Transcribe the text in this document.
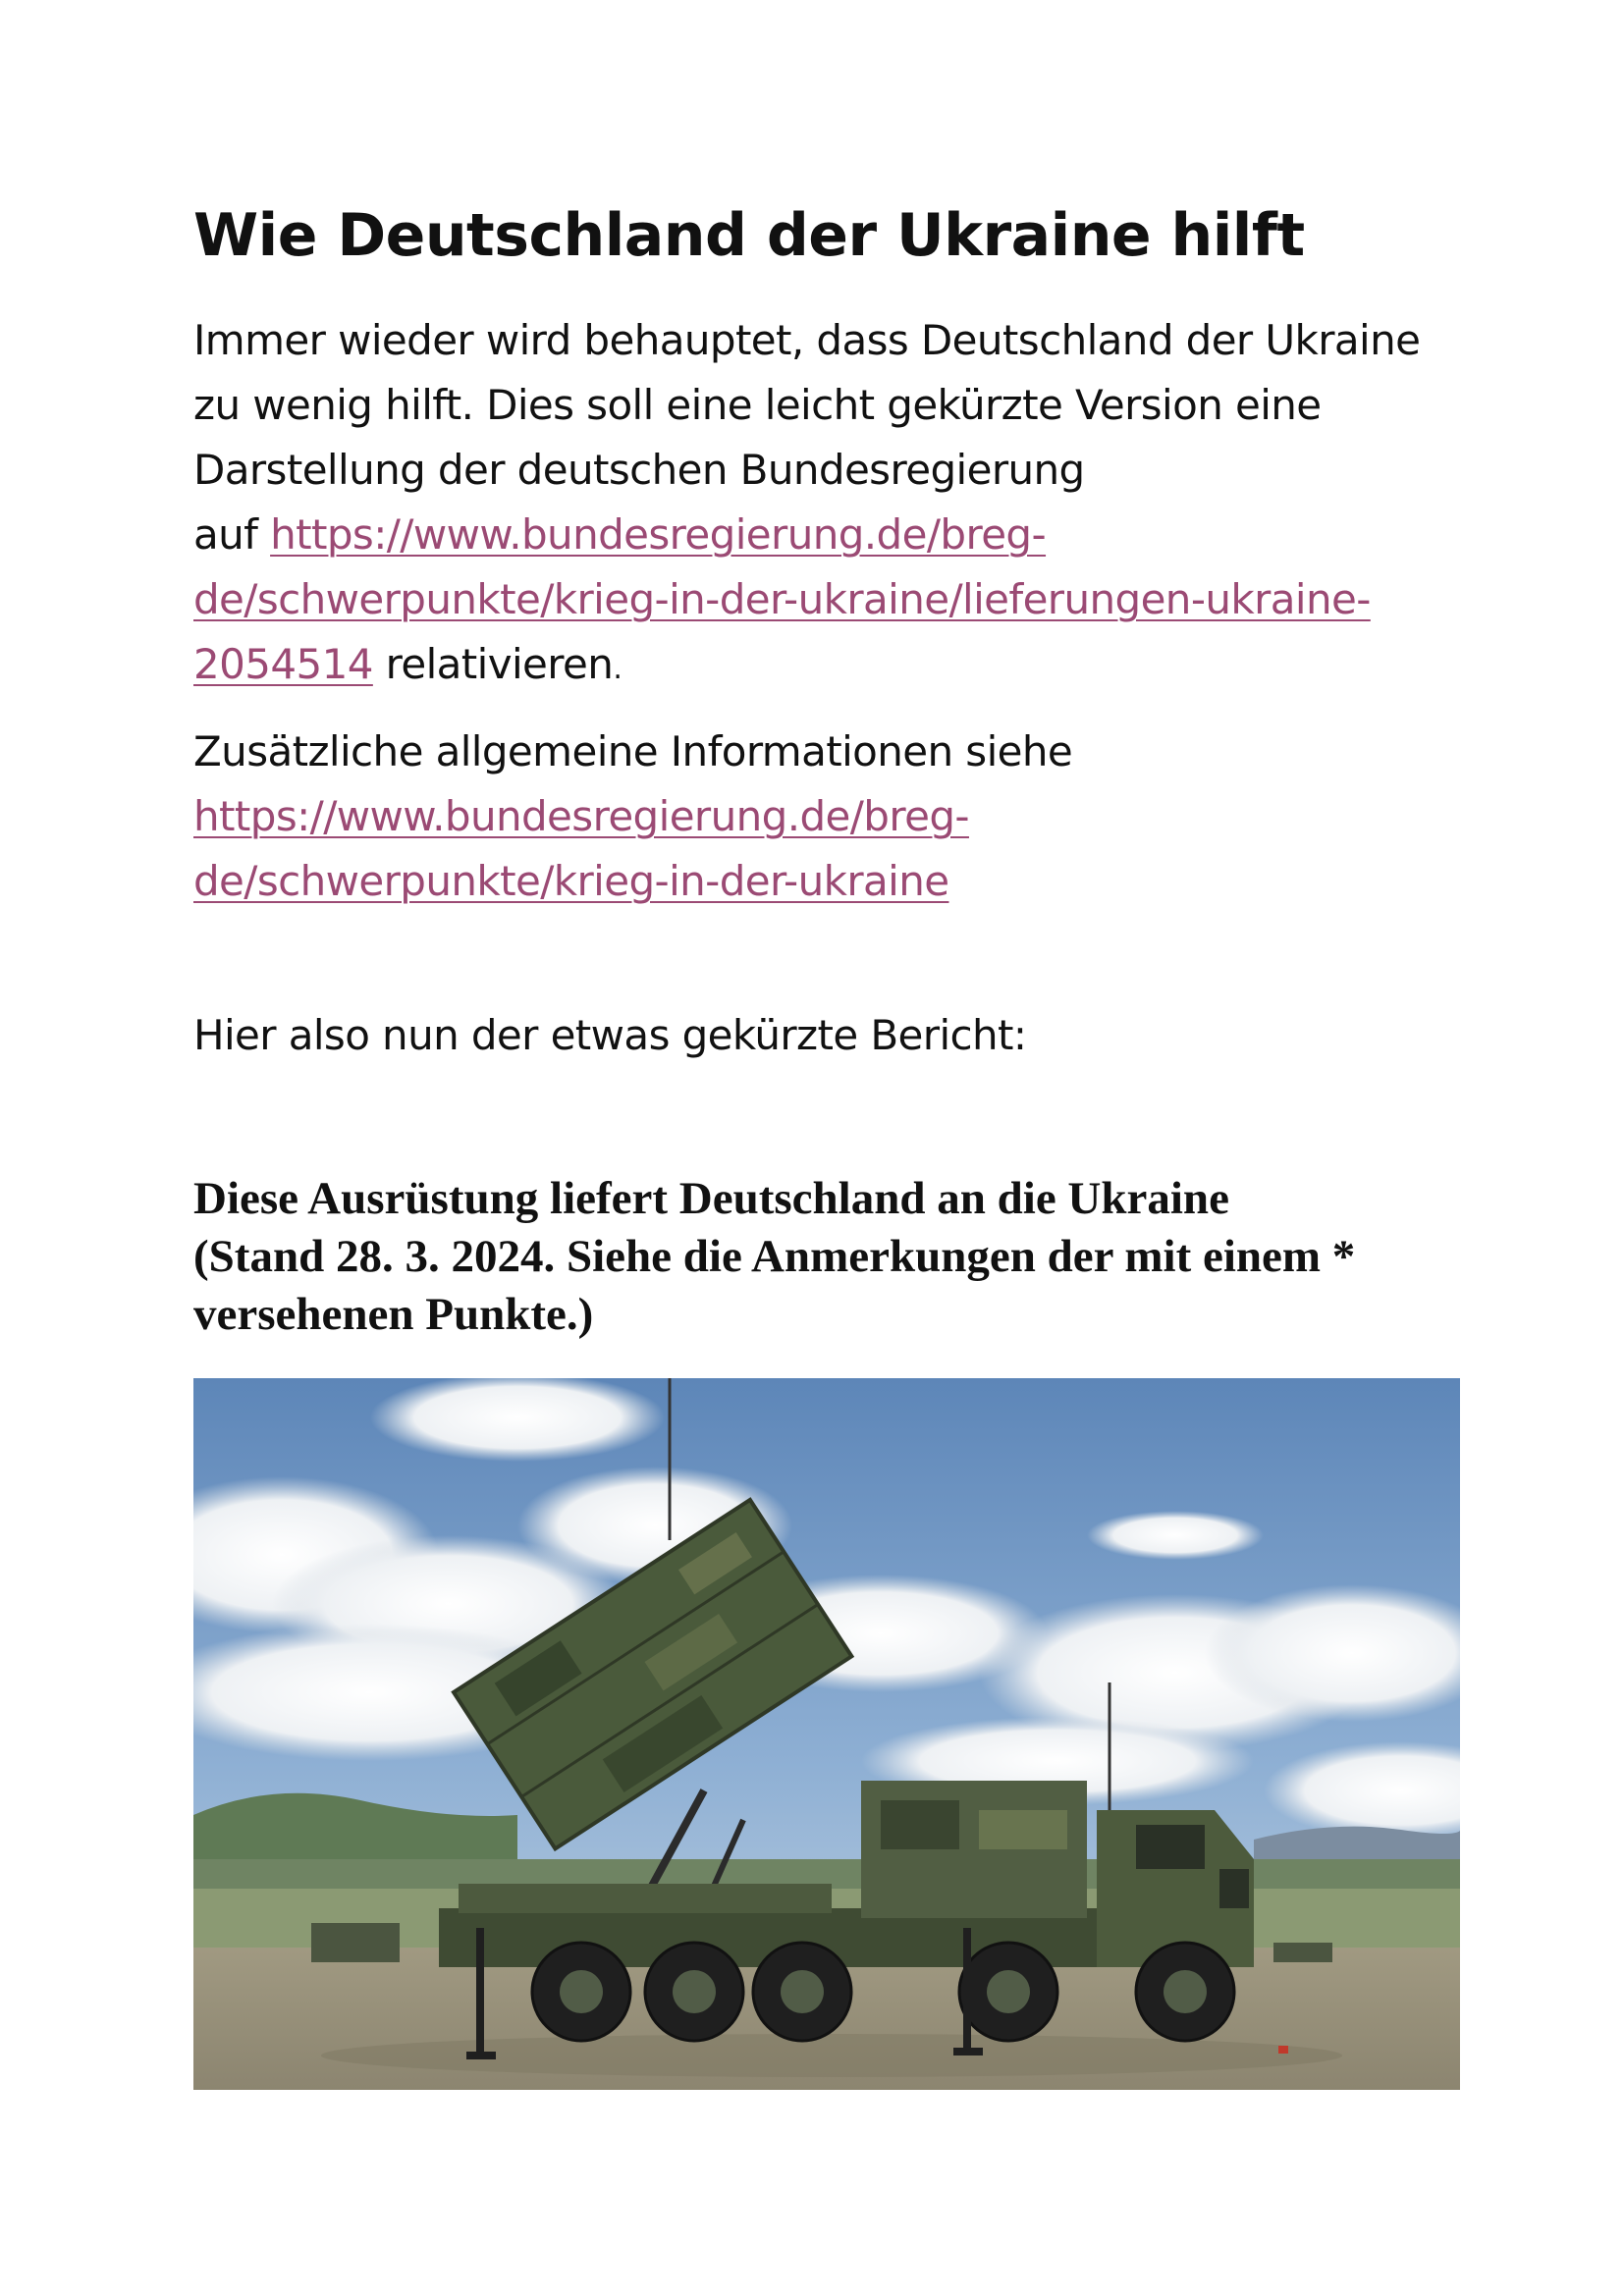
Wie Deutschland der Ukraine hilft

Immer wieder wird behauptet, dass Deutschland der Ukraine
zu wenig hilft. Dies soll eine leicht gekürzte Version eine
Darstellung der deutschen Bundesregierung
auf https://www.bundesregierung.de/breg-
de/schwerpunkte/krieg-in-der-ukraine/lieferungen-ukraine-
2054514 relativieren.

Zusätzliche allgemeine Informationen siehe
https://www.bundesregierung.de/breg-
de/schwerpunkte/krieg-in-der-ukraine

Hier also nun der etwas gekürzte Bericht:

Diese Ausrüstung liefert Deutschland an die Ukraine
(Stand 28. 3. 2024. Siehe die Anmerkungen der mit einem *
versehenen Punkte.)
